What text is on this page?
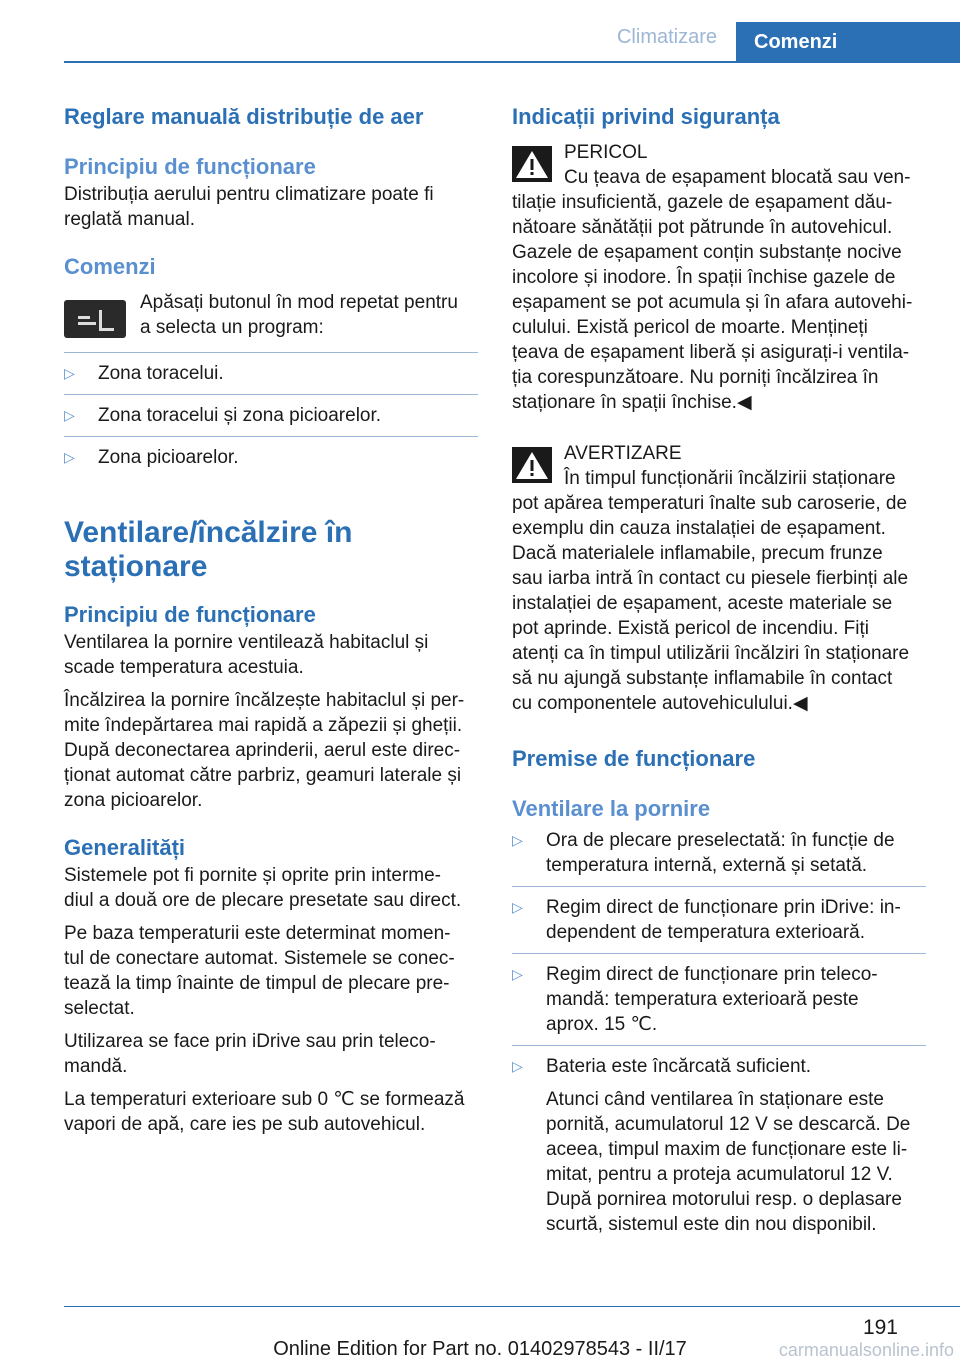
Climatizare	Comenzi
Reglare manuală distribuție de aer
Principiu de funcționare

Distribuția aerului pentru climatizare poate fi
reglată manual.

Comenzi

Apăsați butonul în mod repetat pentru
a selecta un program:

▷ Zona toracelui.
▷ Zona toracelui și zona picioarelor.
▷ Zona picioarelor.
Ventilare/încălzire în
staționare
Principiu de funcționare

Ventilarea la pornire ventilează habitaclul și
scade temperatura acestuia.

Încălzirea la pornire încălzește habitaclul și per‐
mite îndepărtarea mai rapidă a zăpezii și gheții.
După deconectarea aprinderii, aerul este direc‐
ționat automat către parbriz, geamuri laterale și
zona picioarelor.

Generalități

Sistemele pot fi pornite și oprite prin interme‐
diul a două ore de plecare presetate sau direct.

Pe baza temperaturii este determinat momen‐
tul de conectare automat. Sistemele se conec‐
tează la timp înainte de timpul de plecare pre‐
selectat.

Utilizarea se face prin iDrive sau prin teleco‐
mandă.

La temperaturi exterioare sub 0 ℃ se formează
vapori de apă, care ies pe sub autovehicul.

Indicații privind siguranța

PERICOL

Cu țeava de eșapament blocată sau ven‐

tilație insuficientă, gazele de eșapament dău‐

nătoare sănătății pot pătrunde în autovehicul.

Gazele de eșapament conțin substanțe nocive

incolore și inodore. În spații închise gazele de

eșapament se pot acumula și în afara autovehi‐

culului. Există pericol de moarte. Mențineți

țeava de eșapament liberă și asigurați-i ventila‐

ția corespunzătoare. Nu porniți încălzirea în

staționare în spații închise.◀

AVERTIZARE

În timpul funcționării încălzirii staționare

pot apărea temperaturi înalte sub caroserie, de

exemplu din cauza instalației de eșapament.

Dacă materialele inflamabile, precum frunze

sau iarba intră în contact cu piesele fierbinți ale

instalației de eșapament, aceste materiale se

pot aprinde. Există pericol de incendiu. Fiți

atenți ca în timpul utilizării încălziri în staționare

să nu ajungă substanțe inflamabile în contact

cu componentele autovehiculului.◀

Premise de funcționare
Ventilare la pornire
▷ Ora de plecare preselectată: în funcție de
temperatura internă, externă și setată.
▷ Regim direct de funcționare prin iDrive: in‐
dependent de temperatura exterioară.
▷ Regim direct de funcționare prin teleco‐
mandă: temperatura exterioară peste
aprox. 15 ℃.
▷ Bateria este încărcată suficient.
Atunci când ventilarea în staționare este
pornită, acumulatorul 12 V se descarcă. De
aceea, timpul maxim de funcționare este li‐
mitat, pentru a proteja acumulatorul 12 V.
După pornirea motorului resp. o deplasare
scurtă, sistemul este din nou disponibil.
191
Online Edition for Part no. 01402978543 - II/17	carmanualsonline.info
